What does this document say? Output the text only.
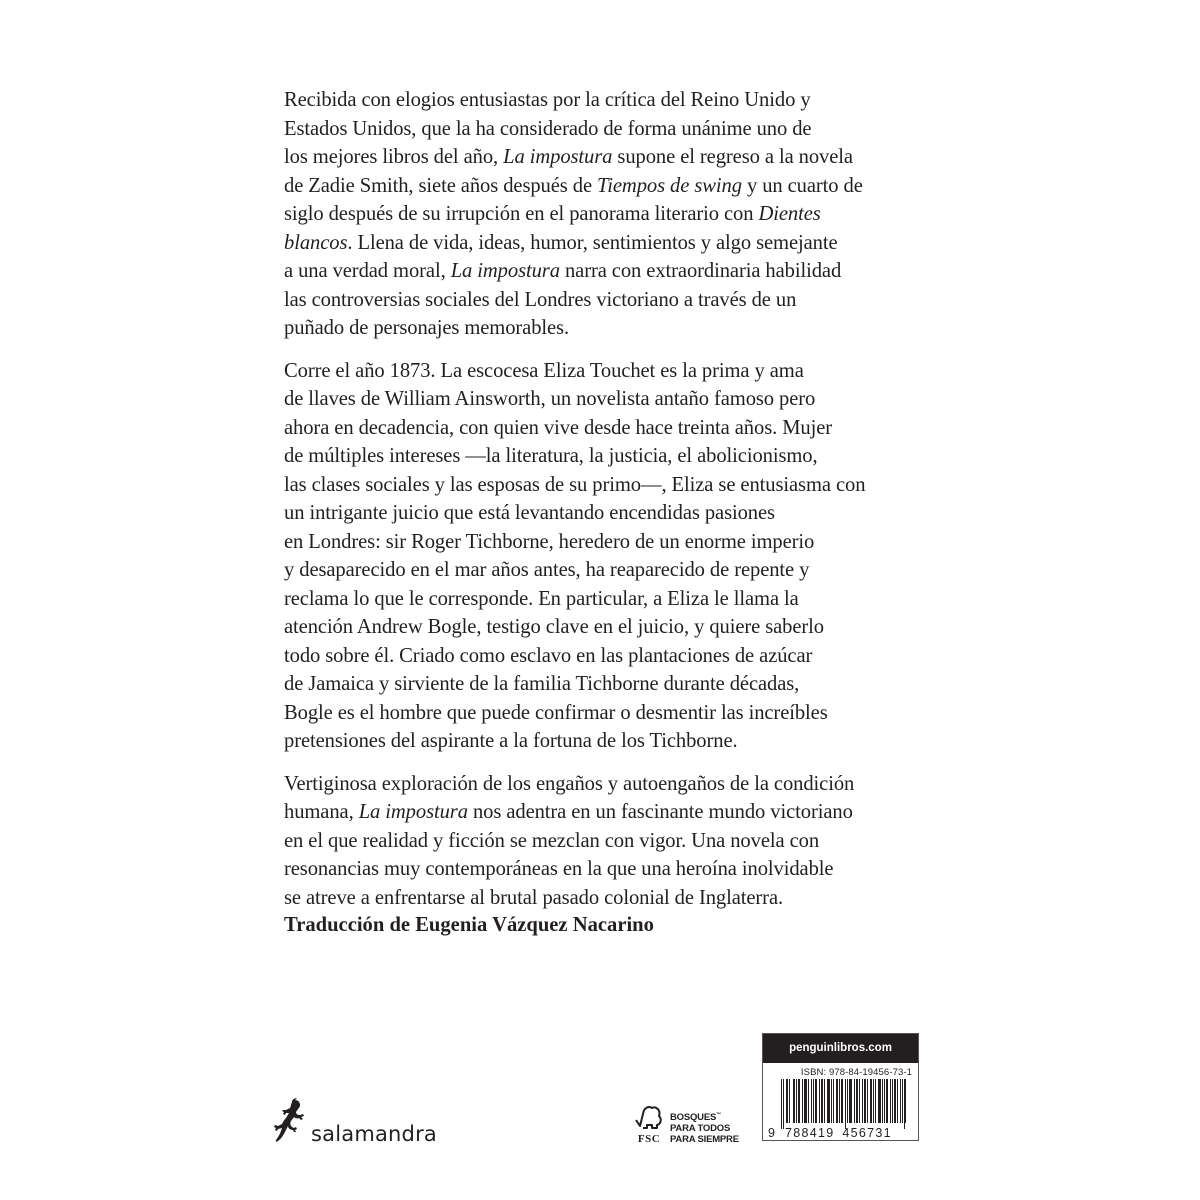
Recibida con elogios entusiastas por la crítica del Reino Unido y
Estados Unidos, que la ha considerado de forma unánime uno de
los mejores libros del año, La impostura supone el regreso a la novela
de Zadie Smith, siete años después de Tiempos de swing y un cuarto de
siglo después de su irrupción en el panorama literario con Dientes
blancos. Llena de vida, ideas, humor, sentimientos y algo semejante
a una verdad moral, La impostura narra con extraordinaria habilidad
las controversias sociales del Londres victoriano a través de un
puñado de personajes memorables.

Corre el año 1873. La escocesa Eliza Touchet es la prima y ama
de llaves de William Ainsworth, un novelista antaño famoso pero
ahora en decadencia, con quien vive desde hace treinta años. Mujer
de múltiples intereses —la literatura, la justicia, el abolicionismo,
las clases sociales y las esposas de su primo—, Eliza se entusiasma con
un intrigante juicio que está levantando encendidas pasiones
en Londres: sir Roger Tichborne, heredero de un enorme imperio
y desaparecido en el mar años antes, ha reaparecido de repente y
reclama lo que le corresponde. En particular, a Eliza le llama la
atención Andrew Bogle, testigo clave en el juicio, y quiere saberlo
todo sobre él. Criado como esclavo en las plantaciones de azúcar
de Jamaica y sirviente de la familia Tichborne durante décadas,
Bogle es el hombre que puede confirmar o desmentir las increíbles
pretensiones del aspirante a la fortuna de los Tichborne.

Vertiginosa exploración de los engaños y autoengaños de la condición
humana, La impostura nos adentra en un fascinante mundo victoriano
en el que realidad y ficción se mezclan con vigor. Una novela con
resonancias muy contemporáneas en la que una heroína inolvidable
se atreve a enfrentarse al brutal pasado colonial de Inglaterra.

Traducción de Eugenia Vázquez Nacarino
salamandra	FSC
BOSQUES™
PARA TODOS
PARA SIEMPRE
penguinlibros.com
ISBN: 978-84-19456-73-1
9 788419 456731
